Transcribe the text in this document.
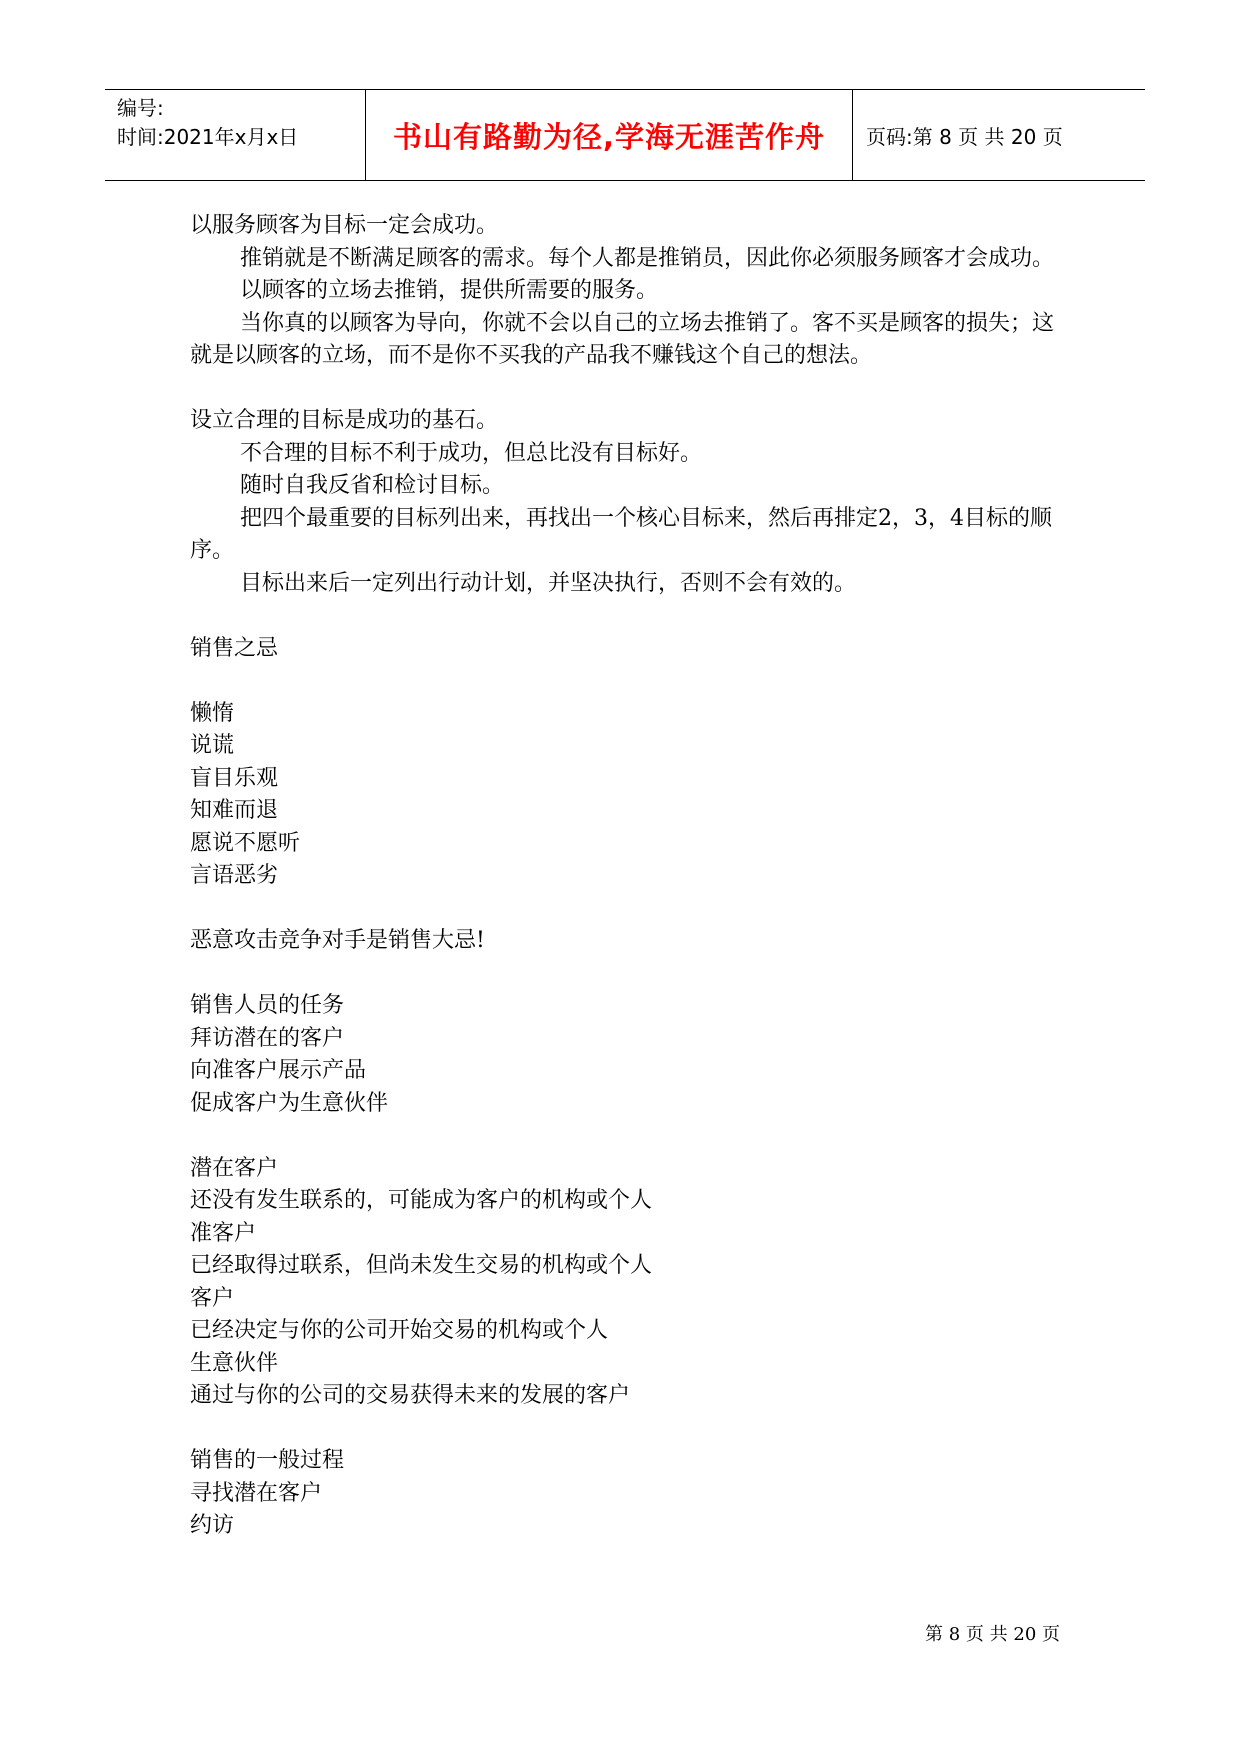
编号:
时间:2021年x月x日	书山有路勤为径,学海无涯苦作舟	页码:第 8 页 共 20 页
以服务顾客为目标一定会成功。
推销就是不断满足顾客的需求。每个人都是推销员，因此你必须服务顾客才会成功。
以顾客的立场去推销，提供所需要的服务。
当你真的以顾客为导向，你就不会以自己的立场去推销了。客不买是顾客的损失；这就是以顾客的立场，而不是你不买我的产品我不赚钱这个自己的想法。
设立合理的目标是成功的基石。
不合理的目标不利于成功，但总比没有目标好。
随时自我反省和检讨目标。
把四个最重要的目标列出来，再找出一个核心目标来，然后再排定2，3，4目标的顺序。
目标出来后一定列出行动计划，并坚决执行，否则不会有效的。
销售之忌
懒惰
说谎
盲目乐观
知难而退
愿说不愿听
言语恶劣
恶意攻击竞争对手是销售大忌!
销售人员的任务
拜访潜在的客户
向准客户展示产品
促成客户为生意伙伴
潜在客户
还没有发生联系的，可能成为客户的机构或个人
准客户
已经取得过联系，但尚未发生交易的机构或个人
客户
已经决定与你的公司开始交易的机构或个人
生意伙伴
通过与你的公司的交易获得未来的发展的客户
销售的一般过程
寻找潜在客户
约访
第 8 页 共 20 页
